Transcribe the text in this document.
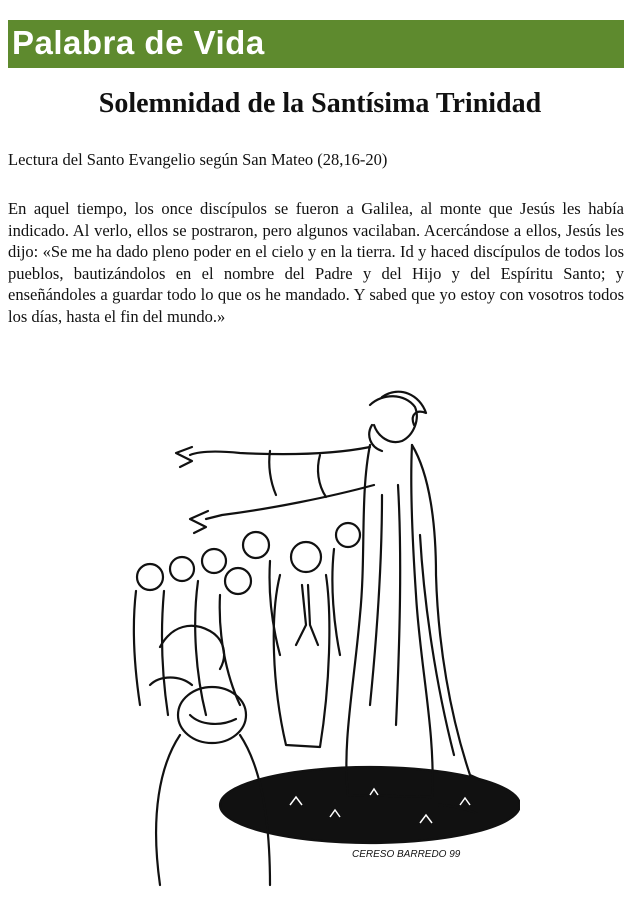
Palabra de Vida
Solemnidad de la Santísima Trinidad
Lectura del Santo Evangelio según San Mateo (28,16-20)

En aquel tiempo, los once discípulos se fueron a Galilea, al monte que Jesús les había indicado. Al verlo, ellos se postraron, pero algunos vacilaban. Acercándose a ellos, Jesús les dijo: «Se me ha dado pleno poder en el cielo y en la tierra. Id y haced discípulos de todos los pueblos, bautizándolos en el nombre del Padre y del Hijo y del Espíritu Santo; y enseñándoles a guardar todo lo que os he mandado. Y sabed que yo estoy con vosotros todos los días, hasta el fin del mundo.»

CERESO BARREDO 99
